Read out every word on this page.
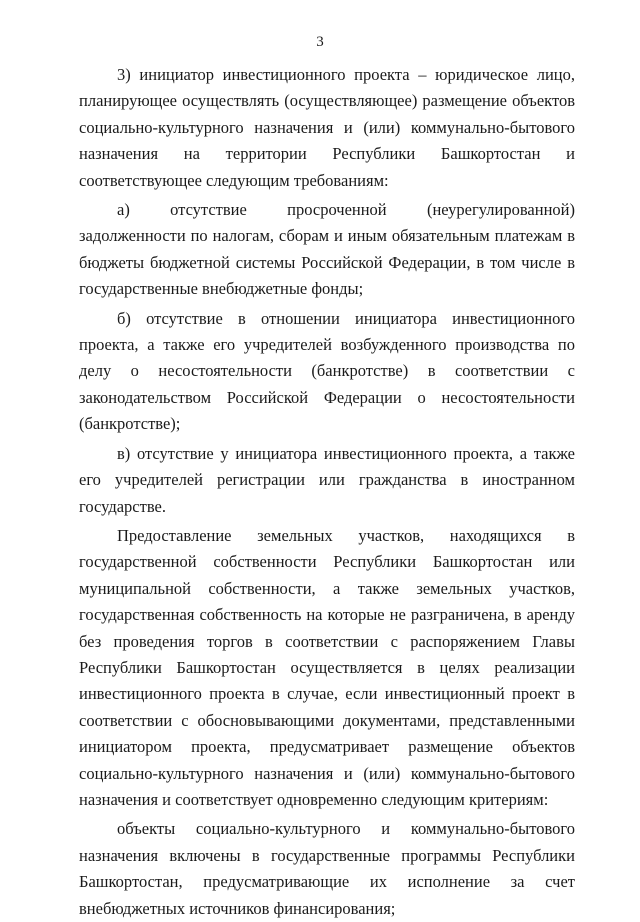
3

3) инициатор инвестиционного проекта – юридическое лицо, планирующее осуществлять (осуществляющее) размещение объектов социально-культурного назначения и (или) коммунально-бытового назначения на территории Республики Башкортостан и соответствующее следующим требованиям:

а) отсутствие просроченной (неурегулированной) задолженности по налогам, сборам и иным обязательным платежам в бюджеты бюджетной системы Российской Федерации, в том числе в государственные внебюджетные фонды;

б) отсутствие в отношении инициатора инвестиционного проекта, а также его учредителей возбужденного производства по делу о несостоятельности (банкротстве) в соответствии с законодательством Российской Федерации о несостоятельности (банкротстве);

в) отсутствие у инициатора инвестиционного проекта, а также его учредителей регистрации или гражданства в иностранном государстве.

Предоставление земельных участков, находящихся в государственной собственности Республики Башкортостан или муниципальной собственности, а также земельных участков, государственная собственность на которые не разграничена, в аренду без проведения торгов в соответствии с распоряжением Главы Республики Башкортостан осуществляется в целях реализации инвестиционного проекта в случае, если инвестиционный проект в соответствии с обосновывающими документами, представленными инициатором проекта, предусматривает размещение объектов социально-культурного назначения и (или) коммунально-бытового назначения и соответствует одновременно следующим критериям:

объекты социально-культурного и коммунально-бытового назначения включены в государственные программы Республики Башкортостан, предусматривающие их исполнение за счет внебюджетных источников финансирования;
